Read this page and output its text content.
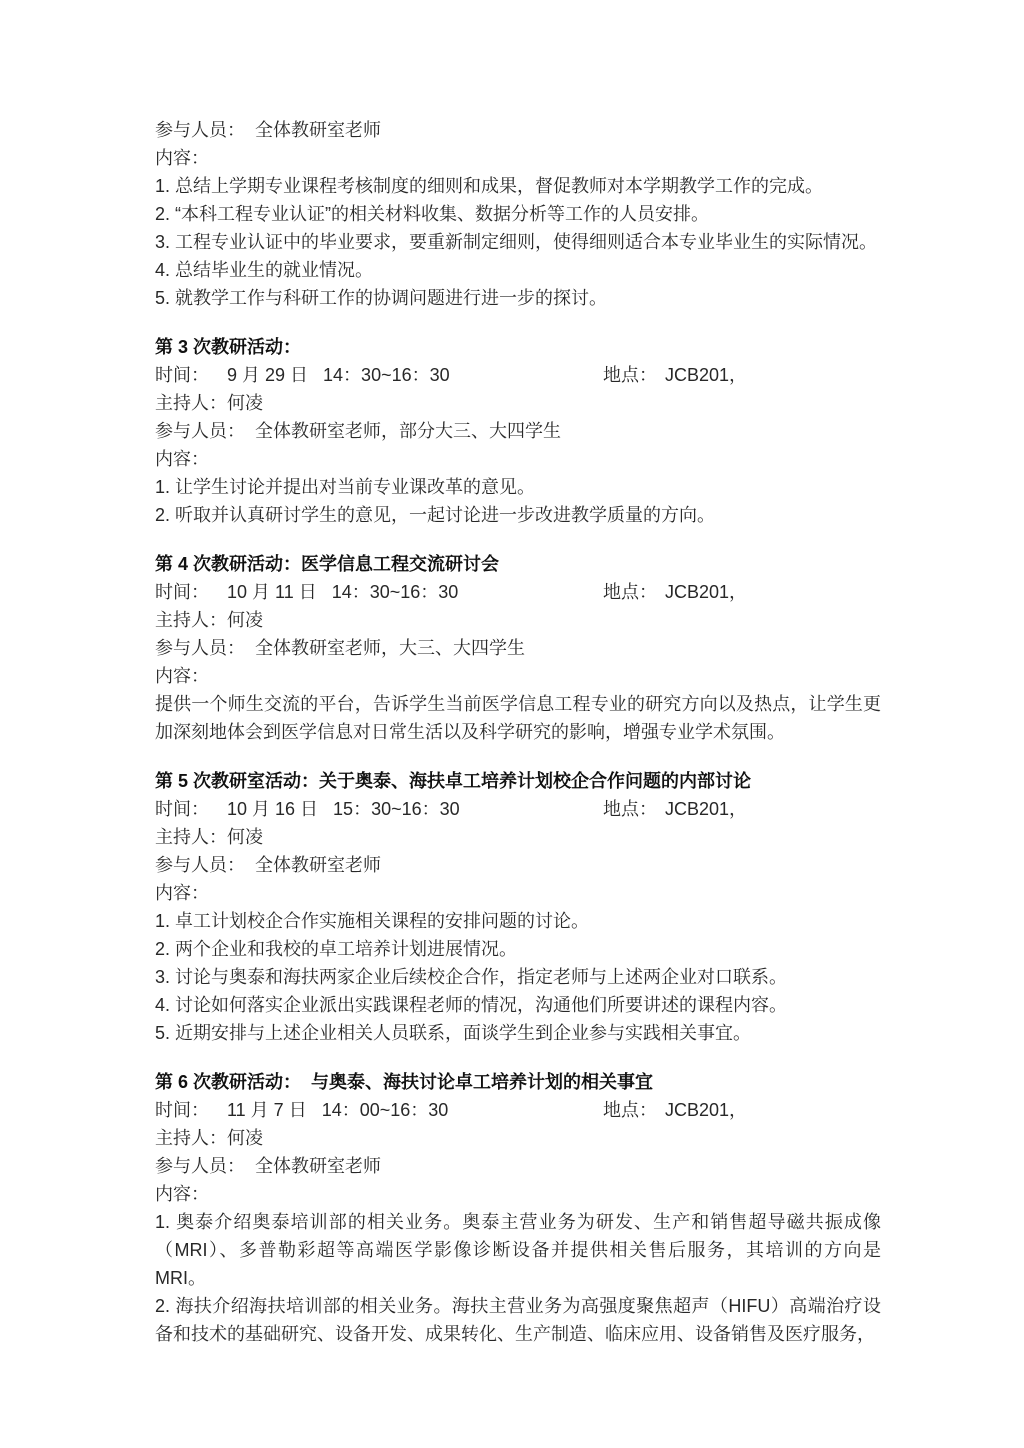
参与人员：  全体教研室老师
内容：
1. 总结上学期专业课程考核制度的细则和成果，督促教师对本学期教学工作的完成。
2. “本科工程专业认证”的相关材料收集、数据分析等工作的人员安排。
3. 工程专业认证中的毕业要求，要重新制定细则，使得细则适合本专业毕业生的实际情况。
4. 总结毕业生的就业情况。
5. 就教学工作与科研工作的协调问题进行进一步的探讨。
第 3 次教研活动：
时间： 9 月 29 日   14：30~16：30	地点： JCB201，
主持人：何凌
参与人员：  全体教研室老师，部分大三、大四学生
内容：
1. 让学生讨论并提出对当前专业课改革的意见。
2. 听取并认真研讨学生的意见，一起讨论进一步改进教学质量的方向。
第 4 次教研活动：医学信息工程交流研讨会
时间： 10 月 11 日   14：30~16：30	地点： JCB201，
主持人：何凌
参与人员：  全体教研室老师，大三、大四学生
内容：
提供一个师生交流的平台，告诉学生当前医学信息工程专业的研究方向以及热点，让学生更加深刻地体会到医学信息对日常生活以及科学研究的影响，增强专业学术氛围。
第 5 次教研室活动：关于奥泰、海扶卓工培养计划校企合作问题的内部讨论
时间： 10 月 16 日   15：30~16：30	地点： JCB201，
主持人：何凌
参与人员：  全体教研室老师
内容：
1. 卓工计划校企合作实施相关课程的安排问题的讨论。
2. 两个企业和我校的卓工培养计划进展情况。
3. 讨论与奥泰和海扶两家企业后续校企合作，指定老师与上述两企业对口联系。
4. 讨论如何落实企业派出实践课程老师的情况，沟通他们所要讲述的课程内容。
5. 近期安排与上述企业相关人员联系，面谈学生到企业参与实践相关事宜。
第 6 次教研活动：  与奥泰、海扶讨论卓工培养计划的相关事宜
时间： 11 月 7 日   14：00~16：30	地点： JCB201，
主持人：何凌
参与人员：  全体教研室老师
内容：
1. 奥泰介绍奥泰培训部的相关业务。奥泰主营业务为研发、生产和销售超导磁共振成像（MRI）、多普勒彩超等高端医学影像诊断设备并提供相关售后服务，其培训的方向是 MRI。
2. 海扶介绍海扶培训部的相关业务。海扶主营业务为高强度聚焦超声（HIFU）高端治疗设备和技术的基础研究、设备开发、成果转化、生产制造、临床应用、设备销售及医疗服务，
